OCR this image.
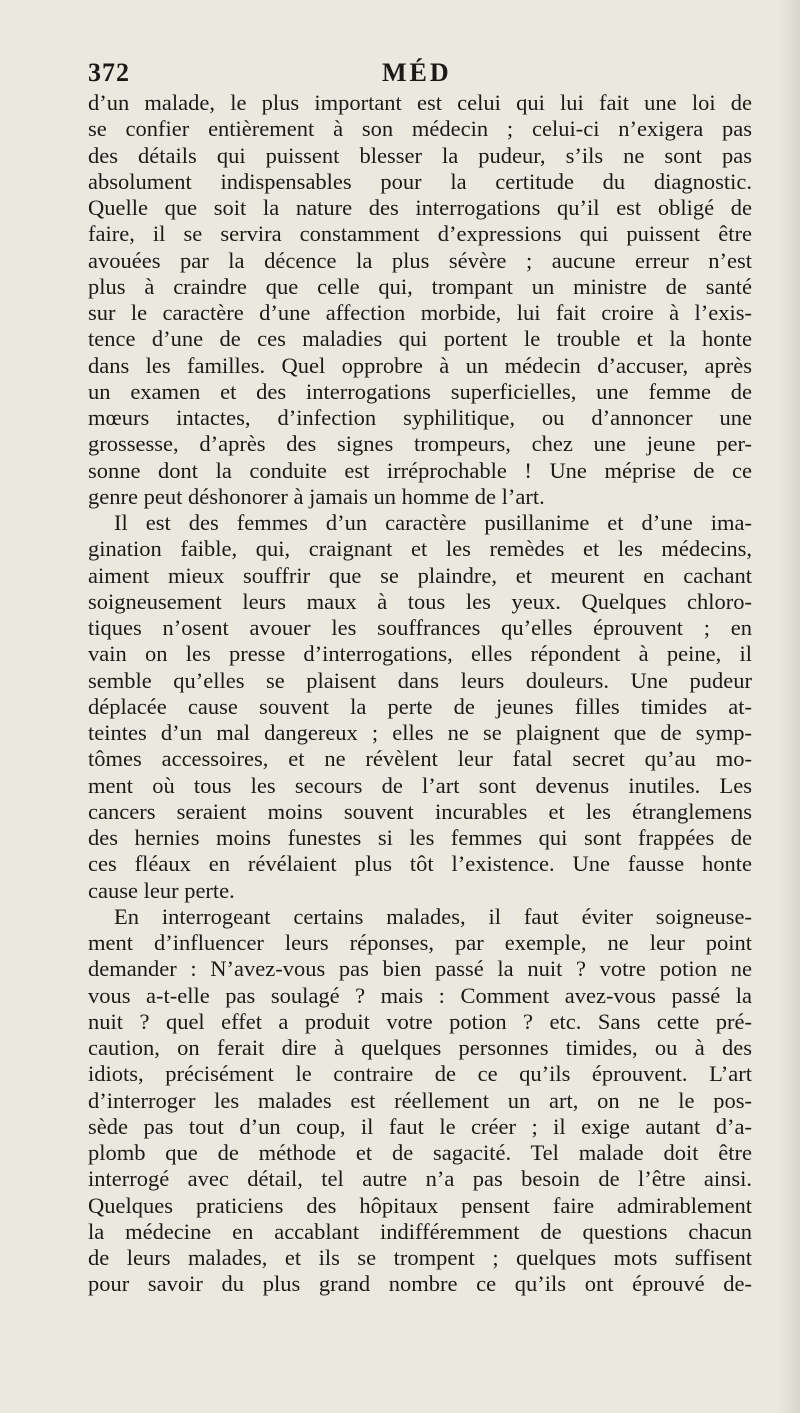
372	MÉD
d’un malade, le plus important est celui qui lui fait une loi de
se confier entièrement à son médecin ; celui-ci n’exigera pas
des détails qui puissent blesser la pudeur, s’ils ne sont pas
absolument indispensables pour la certitude du diagnostic.
Quelle que soit la nature des interrogations qu’il est obligé de
faire, il se servira constamment d’expressions qui puissent être
avouées par la décence la plus sévère ; aucune erreur n’est
plus à craindre que celle qui, trompant un ministre de santé
sur le caractère d’une affection morbide, lui fait croire à l’exis-
tence d’une de ces maladies qui portent le trouble et la honte
dans les familles. Quel opprobre à un médecin d’accuser, après
un examen et des interrogations superficielles, une femme de
mœurs intactes, d’infection syphilitique, ou d’annoncer une
grossesse, d’après des signes trompeurs, chez une jeune per-
sonne dont la conduite est irréprochable ! Une méprise de ce
genre peut déshonorer à jamais un homme de l’art.
Il est des femmes d’un caractère pusillanime et d’une ima-
gination faible, qui, craignant et les remèdes et les médecins,
aiment mieux souffrir que se plaindre, et meurent en cachant
soigneusement leurs maux à tous les yeux. Quelques chloro-
tiques n’osent avouer les souffrances qu’elles éprouvent ; en
vain on les presse d’interrogations, elles répondent à peine, il
semble qu’elles se plaisent dans leurs douleurs. Une pudeur
déplacée cause souvent la perte de jeunes filles timides at-
teintes d’un mal dangereux ; elles ne se plaignent que de symp-
tômes accessoires, et ne révèlent leur fatal secret qu’au mo-
ment où tous les secours de l’art sont devenus inutiles. Les
cancers seraient moins souvent incurables et les étranglemens
des hernies moins funestes si les femmes qui sont frappées de
ces fléaux en révélaient plus tôt l’existence. Une fausse honte
cause leur perte.
En interrogeant certains malades, il faut éviter soigneuse-
ment d’influencer leurs réponses, par exemple, ne leur point
demander : N’avez-vous pas bien passé la nuit ? votre potion ne
vous a-t-elle pas soulagé ? mais : Comment avez-vous passé la
nuit ? quel effet a produit votre potion ? etc. Sans cette pré-
caution, on ferait dire à quelques personnes timides, ou à des
idiots, précisément le contraire de ce qu’ils éprouvent. L’art
d’interroger les malades est réellement un art, on ne le pos-
sède pas tout d’un coup, il faut le créer ; il exige autant d’a-
plomb que de méthode et de sagacité. Tel malade doit être
interrogé avec détail, tel autre n’a pas besoin de l’être ainsi.
Quelques praticiens des hôpitaux pensent faire admirablement
la médecine en accablant indifféremment de questions chacun
de leurs malades, et ils se trompent ; quelques mots suffisent
pour savoir du plus grand nombre ce qu’ils ont éprouvé de-
